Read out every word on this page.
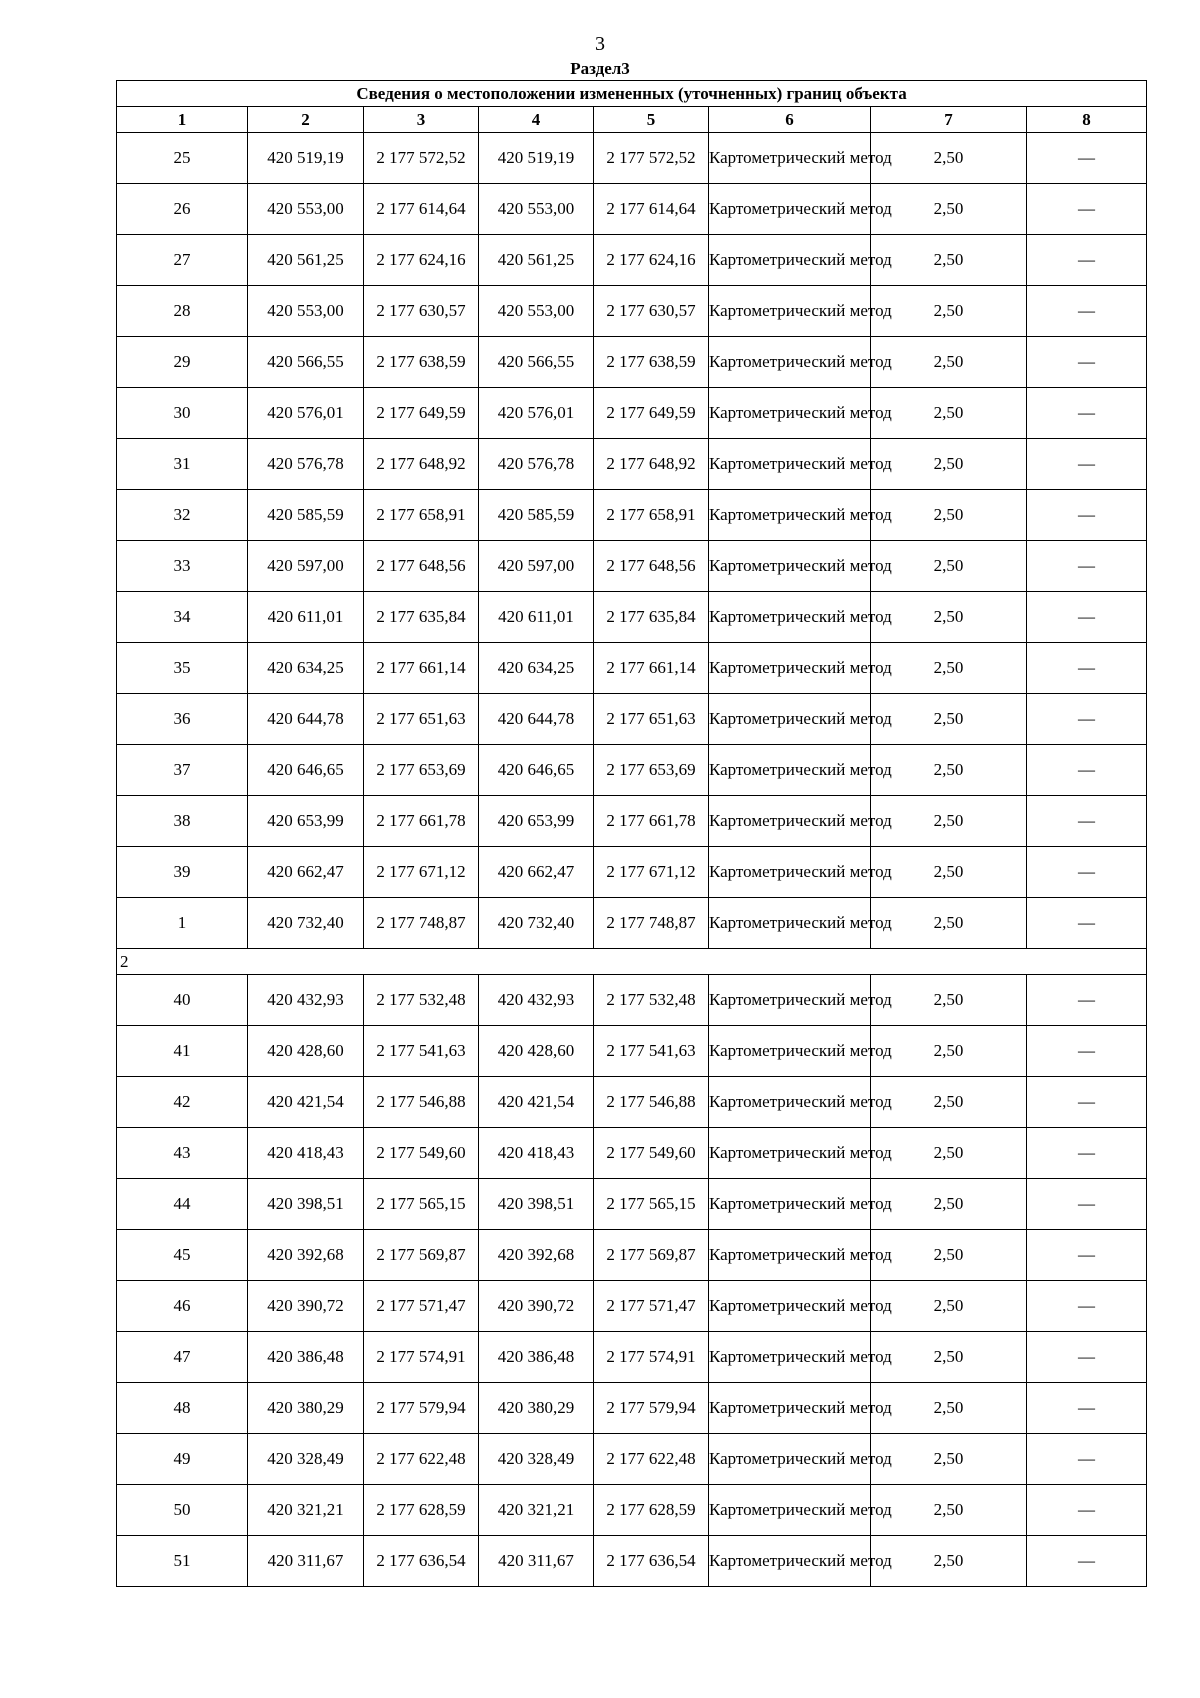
3
Раздел3
Сведения о местоположении измененных (уточненных) границ объекта							
1	2	3	4	5	6	7	8
25	420 519,19	2 177 572,52	420 519,19	2 177 572,52	Картометрический метод	2,50	—
26	420 553,00	2 177 614,64	420 553,00	2 177 614,64	Картометрический метод	2,50	—
27	420 561,25	2 177 624,16	420 561,25	2 177 624,16	Картометрический метод	2,50	—
28	420 553,00	2 177 630,57	420 553,00	2 177 630,57	Картометрический метод	2,50	—
29	420 566,55	2 177 638,59	420 566,55	2 177 638,59	Картометрический метод	2,50	—
30	420 576,01	2 177 649,59	420 576,01	2 177 649,59	Картометрический метод	2,50	—
31	420 576,78	2 177 648,92	420 576,78	2 177 648,92	Картометрический метод	2,50	—
32	420 585,59	2 177 658,91	420 585,59	2 177 658,91	Картометрический метод	2,50	—
33	420 597,00	2 177 648,56	420 597,00	2 177 648,56	Картометрический метод	2,50	—
34	420 611,01	2 177 635,84	420 611,01	2 177 635,84	Картометрический метод	2,50	—
35	420 634,25	2 177 661,14	420 634,25	2 177 661,14	Картометрический метод	2,50	—
36	420 644,78	2 177 651,63	420 644,78	2 177 651,63	Картометрический метод	2,50	—
37	420 646,65	2 177 653,69	420 646,65	2 177 653,69	Картометрический метод	2,50	—
38	420 653,99	2 177 661,78	420 653,99	2 177 661,78	Картометрический метод	2,50	—
39	420 662,47	2 177 671,12	420 662,47	2 177 671,12	Картометрический метод	2,50	—
1	420 732,40	2 177 748,87	420 732,40	2 177 748,87	Картометрический метод	2,50	—
2							
40	420 432,93	2 177 532,48	420 432,93	2 177 532,48	Картометрический метод	2,50	—
41	420 428,60	2 177 541,63	420 428,60	2 177 541,63	Картометрический метод	2,50	—
42	420 421,54	2 177 546,88	420 421,54	2 177 546,88	Картометрический метод	2,50	—
43	420 418,43	2 177 549,60	420 418,43	2 177 549,60	Картометрический метод	2,50	—
44	420 398,51	2 177 565,15	420 398,51	2 177 565,15	Картометрический метод	2,50	—
45	420 392,68	2 177 569,87	420 392,68	2 177 569,87	Картометрический метод	2,50	—
46	420 390,72	2 177 571,47	420 390,72	2 177 571,47	Картометрический метод	2,50	—
47	420 386,48	2 177 574,91	420 386,48	2 177 574,91	Картометрический метод	2,50	—
48	420 380,29	2 177 579,94	420 380,29	2 177 579,94	Картометрический метод	2,50	—
49	420 328,49	2 177 622,48	420 328,49	2 177 622,48	Картометрический метод	2,50	—
50	420 321,21	2 177 628,59	420 321,21	2 177 628,59	Картометрический метод	2,50	—
51	420 311,67	2 177 636,54	420 311,67	2 177 636,54	Картометрический метод	2,50	—
